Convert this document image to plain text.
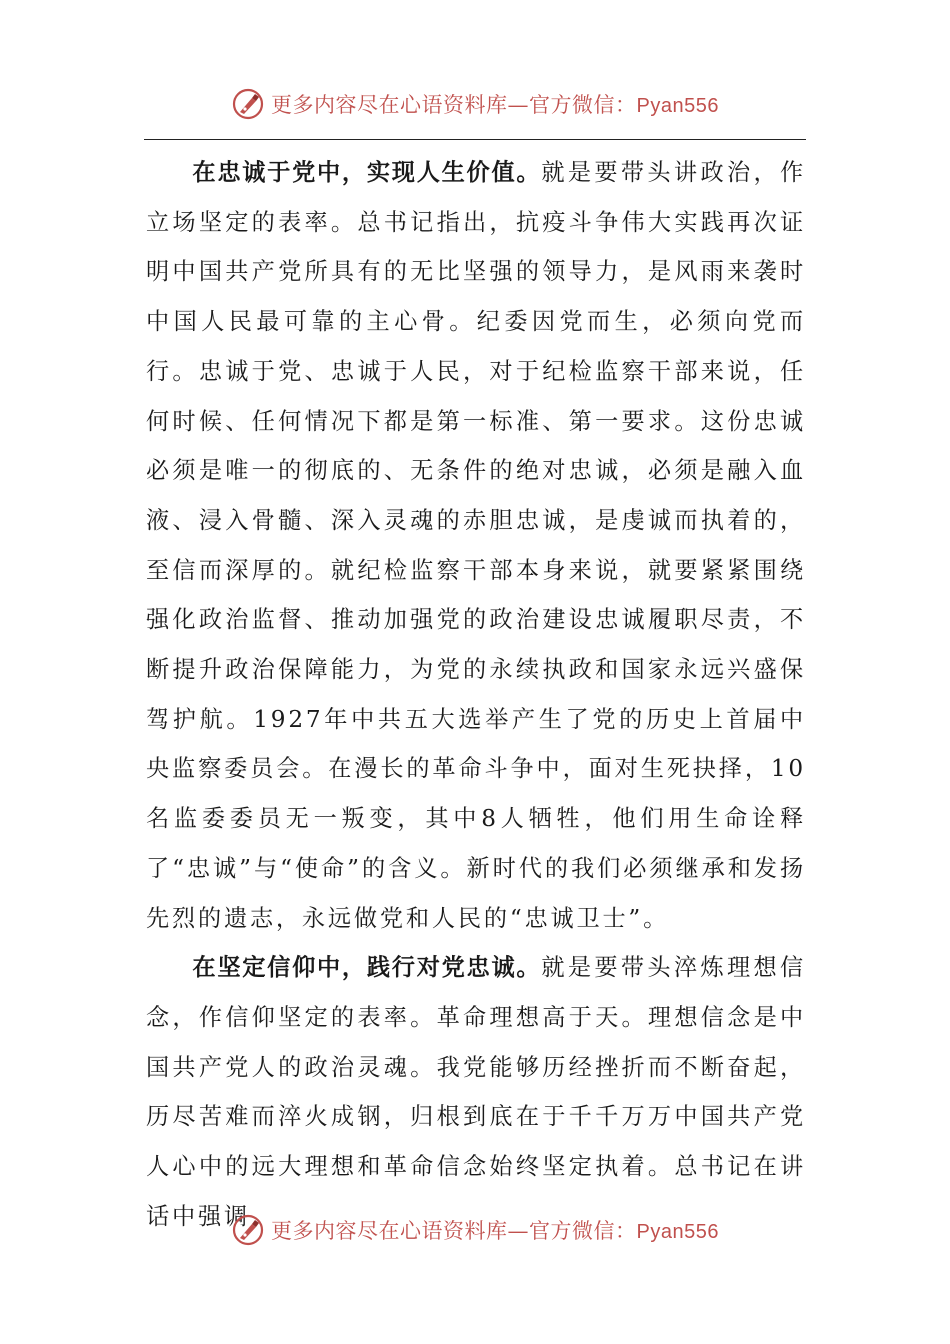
更多内容尽在心语资料库—官方微信：Pyan556

在忠诚于党中，实现人生价值。就是要带头讲政治，作立场坚定的表率。总书记指出，抗疫斗争伟大实践再次证明中国共产党所具有的无比坚强的领导力，是风雨来袭时中国人民最可靠的主心骨。纪委因党而生，必须向党而行。忠诚于党、忠诚于人民，对于纪检监察干部来说，任何时候、任何情况下都是第一标准、第一要求。这份忠诚必须是唯一的彻底的、无条件的绝对忠诚，必须是融入血液、浸入骨髓、深入灵魂的赤胆忠诚，是虔诚而执着的，至信而深厚的。就纪检监察干部本身来说，就要紧紧围绕强化政治监督、推动加强党的政治建设忠诚履职尽责，不断提升政治保障能力，为党的永续执政和国家永远兴盛保驾护航。1927年中共五大选举产生了党的历史上首届中央监察委员会。在漫长的革命斗争中，面对生死抉择，10名监委委员无一叛变，其中8人牺牲，他们用生命诠释了“忠诚”与“使命”的含义。新时代的我们必须继承和发扬先烈的遗志，永远做党和人民的“忠诚卫士”。

在坚定信仰中，践行对党忠诚。就是要带头淬炼理想信念，作信仰坚定的表率。革命理想高于天。理想信念是中国共产党人的政治灵魂。我党能够历经挫折而不断奋起，历尽苦难而淬火成钢，归根到底在于千千万万中国共产党人心中的远大理想和革命信念始终坚定执着。总书记在讲话中强调

更多内容尽在心语资料库—官方微信：Pyan556
